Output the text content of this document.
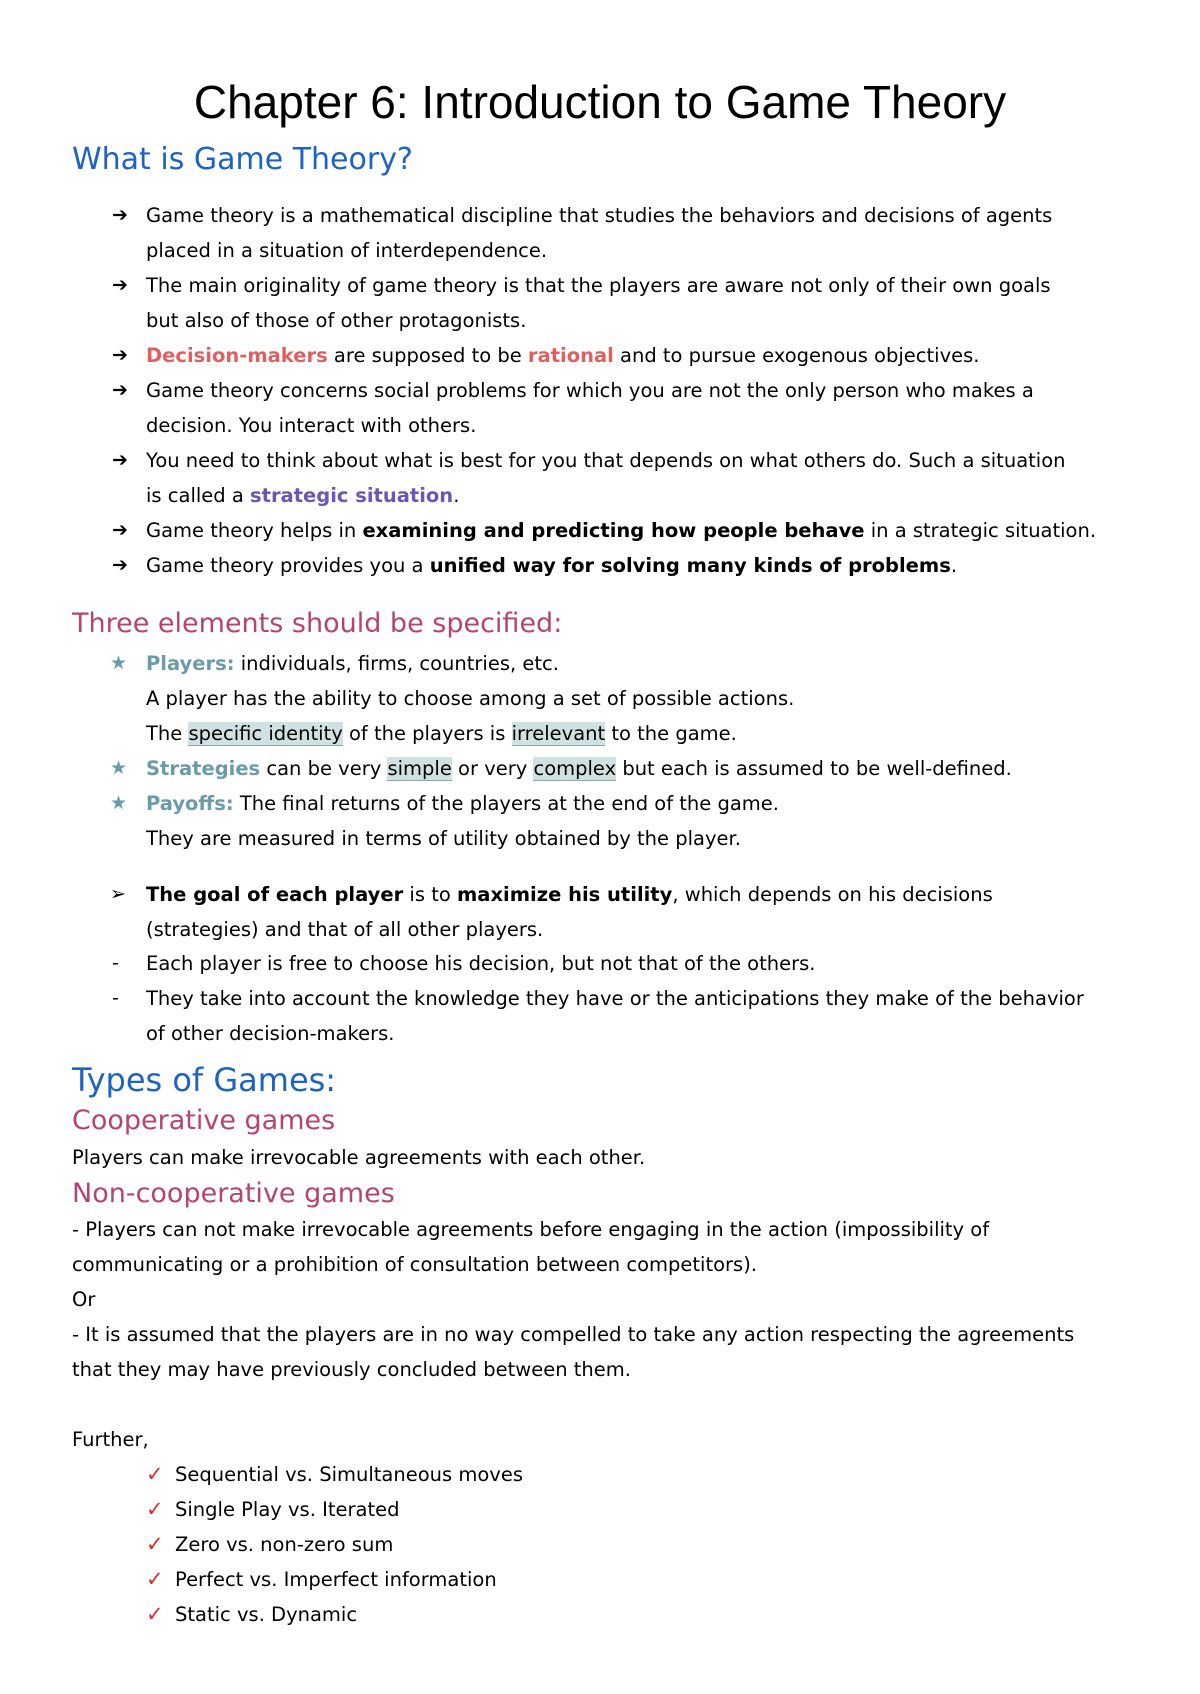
Chapter 6: Introduction to Game Theory
What is Game Theory?
➔ Game theory is a mathematical discipline that studies the behaviors and decisions of agents
placed in a situation of interdependence.
➔ The main originality of game theory is that the players are aware not only of their own goals
but also of those of other protagonists.
➔ Decision-makers are supposed to be rational and to pursue exogenous objectives.
➔ Game theory concerns social problems for which you are not the only person who makes a
decision. You interact with others.
➔ You need to think about what is best for you that depends on what others do. Such a situation
is called a strategic situation.
➔ Game theory helps in examining and predicting how people behave in a strategic situation.
➔ Game theory provides you a unified way for solving many kinds of problems.
Three elements should be specified:
★ Players: individuals, firms, countries, etc.
A player has the ability to choose among a set of possible actions.
The specific identity of the players is irrelevant to the game.
★ Strategies can be very simple or very complex but each is assumed to be well-defined.
★ Payoffs: The final returns of the players at the end of the game.
They are measured in terms of utility obtained by the player.
➢ The goal of each player is to maximize his utility, which depends on his decisions
(strategies) and that of all other players.
- Each player is free to choose his decision, but not that of the others.
- They take into account the knowledge they have or the anticipations they make of the behavior
of other decision-makers.
Types of Games:
Cooperative games
Players can make irrevocable agreements with each other.
Non-cooperative games
- Players can not make irrevocable agreements before engaging in the action (impossibility of
communicating or a prohibition of consultation between competitors).
Or
- It is assumed that the players are in no way compelled to take any action respecting the agreements
that they may have previously concluded between them.
Further,
✓ Sequential vs. Simultaneous moves
✓ Single Play vs. Iterated
✓ Zero vs. non-zero sum
✓ Perfect vs. Imperfect information
✓ Static vs. Dynamic
